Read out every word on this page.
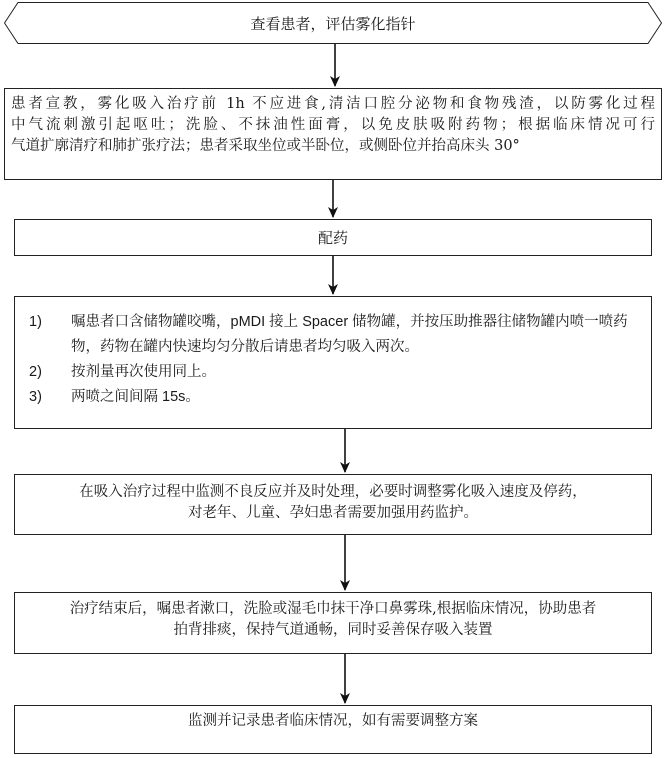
查看患者，评估雾化指针

患者宣教，雾化吸入治疗前 1h 不应进食,清洁口腔分泌物和食物残渣，以防雾化过程

中气流刺激引起呕吐；洗脸、不抹油性面膏，以免皮肤吸附药物；根据临床情况可行

气道扩廓清疗和肺扩张疗法；患者采取坐位或半卧位，或侧卧位并抬高床头 30°

配药
1)	嘱患者口含储物罐咬嘴，pMDI 接上 Spacer 储物罐，并按压助推器往储物罐内喷一喷药物，药物在罐内快速均匀分散后请患者均匀吸入两次。
2)	按剂量再次使用同上。
3)	两喷之间间隔 15s。

在吸入治疗过程中监测不良反应并及时处理，必要时调整雾化吸入速度及停药，

对老年、儿童、孕妇患者需要加强用药监护。

治疗结束后，嘱患者漱口，洗脸或湿毛巾抹干净口鼻雾珠,根据临床情况，协助患者

拍背排痰，保持气道通畅，同时妥善保存吸入装置

监测并记录患者临床情况，如有需要调整方案
